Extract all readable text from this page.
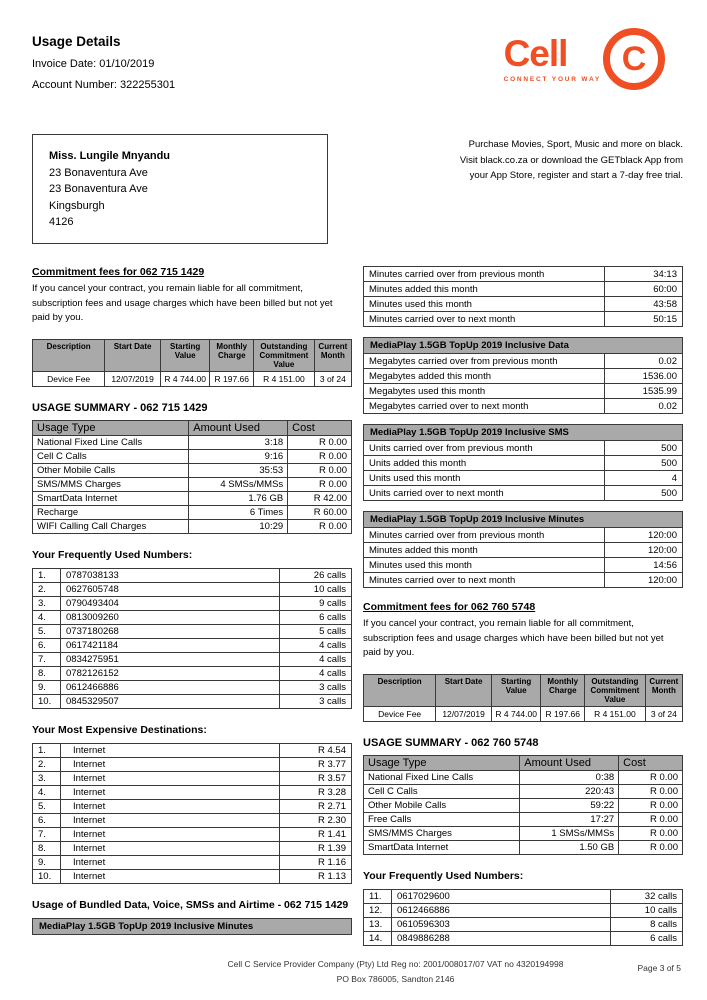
Usage Details

Invoice Date: 01/10/2019

Account Number: 322255301

Cell
CONNECT YOUR WAY
C
Miss. Lungile Mnyandu
23 Bonaventura Ave
23 Bonaventura Ave
Kingsburgh
4126
Purchase Movies, Sport, Music and more on black.
Visit black.co.za or download the GETblack App from
your App Store, register and start a 7-day free trial.
Commitment fees for 062 715 1429

If you cancel your contract, you remain liable for all commitment, subscription fees and usage charges which have been billed but not yet paid by you.

Description	Start Date	Starting Value	Monthly Charge	Outstanding Commitment Value	Current Month
Device Fee	12/07/2019	R 4 744.00	R 197.66	R 4 151.00	3 of 24
USAGE SUMMARY - 062 715 1429
Usage Type	Amount Used	Cost
National Fixed Line Calls	3:18	R 0.00
Cell C Calls	9:16	R 0.00
Other Mobile Calls	35:53	R 0.00
SMS/MMS Charges	4 SMSs/MMSs	R 0.00
SmartData Internet	1.76 GB	R 42.00
Recharge	6 Times	R 60.00
WIFI Calling Call Charges	10:29	R 0.00
Your Frequently Used Numbers:
1.	0787038133	26 calls
2.	0627605748	10 calls
3.	0790493404	9 calls
4.	0813009260	6 calls
5.	0737180268	5 calls
6.	0617421184	4 calls
7.	0834275951	4 calls
8.	0782126152	4 calls
9.	0612466886	3 calls
10.	0845329507	3 calls
Your Most Expensive Destinations:
1.	Internet	R 4.54
2.	Internet	R 3.77
3.	Internet	R 3.57
4.	Internet	R 3.28
5.	Internet	R 2.71
6.	Internet	R 2.30
7.	Internet	R 1.41
8.	Internet	R 1.39
9.	Internet	R 1.16
10.	Internet	R 1.13
Usage of Bundled Data, Voice, SMSs and Airtime - 062 715 1429
MediaPlay 1.5GB TopUp 2019 Inclusive Minutes
Minutes carried over from previous month	34:13
Minutes added this month	60:00
Minutes used this month	43:58
Minutes carried over to next month	50:15
MediaPlay 1.5GB TopUp 2019 Inclusive Data	
Megabytes carried over from previous month	0.02
Megabytes added this month	1536.00
Megabytes used this month	1535.99
Megabytes carried over to next month	0.02
MediaPlay 1.5GB TopUp 2019 Inclusive SMS	
Units carried over from previous month	500
Units added this month	500
Units used this month	4
Units carried over to next month	500
MediaPlay 1.5GB TopUp 2019 Inclusive Minutes	
Minutes carried over from previous month	120:00
Minutes added this month	120:00
Minutes used this month	14:56
Minutes carried over to next month	120:00
Commitment fees for 062 760 5748

If you cancel your contract, you remain liable for all commitment, subscription fees and usage charges which have been billed but not yet paid by you.

Description	Start Date	Starting Value	Monthly Charge	Outstanding Commitment Value	Current Month
Device Fee	12/07/2019	R 4 744.00	R 197.66	R 4 151.00	3 of 24
USAGE SUMMARY - 062 760 5748
Usage Type	Amount Used	Cost
National Fixed Line Calls	0:38	R 0.00
Cell C Calls	220:43	R 0.00
Other Mobile Calls	59:22	R 0.00
Free Calls	17:27	R 0.00
SMS/MMS Charges	1 SMSs/MMSs	R 0.00
SmartData Internet	1.50 GB	R 0.00
Your Frequently Used Numbers:
11.	0617029600	32 calls
12.	0612466886	10 calls
13.	0610596303	8 calls
14.	0849886288	6 calls
Cell C Service Provider Company (Pty) Ltd Reg no: 2001/008017/07 VAT no 4320194998
PO Box 786005, Sandton 2146
Page 3 of 5
